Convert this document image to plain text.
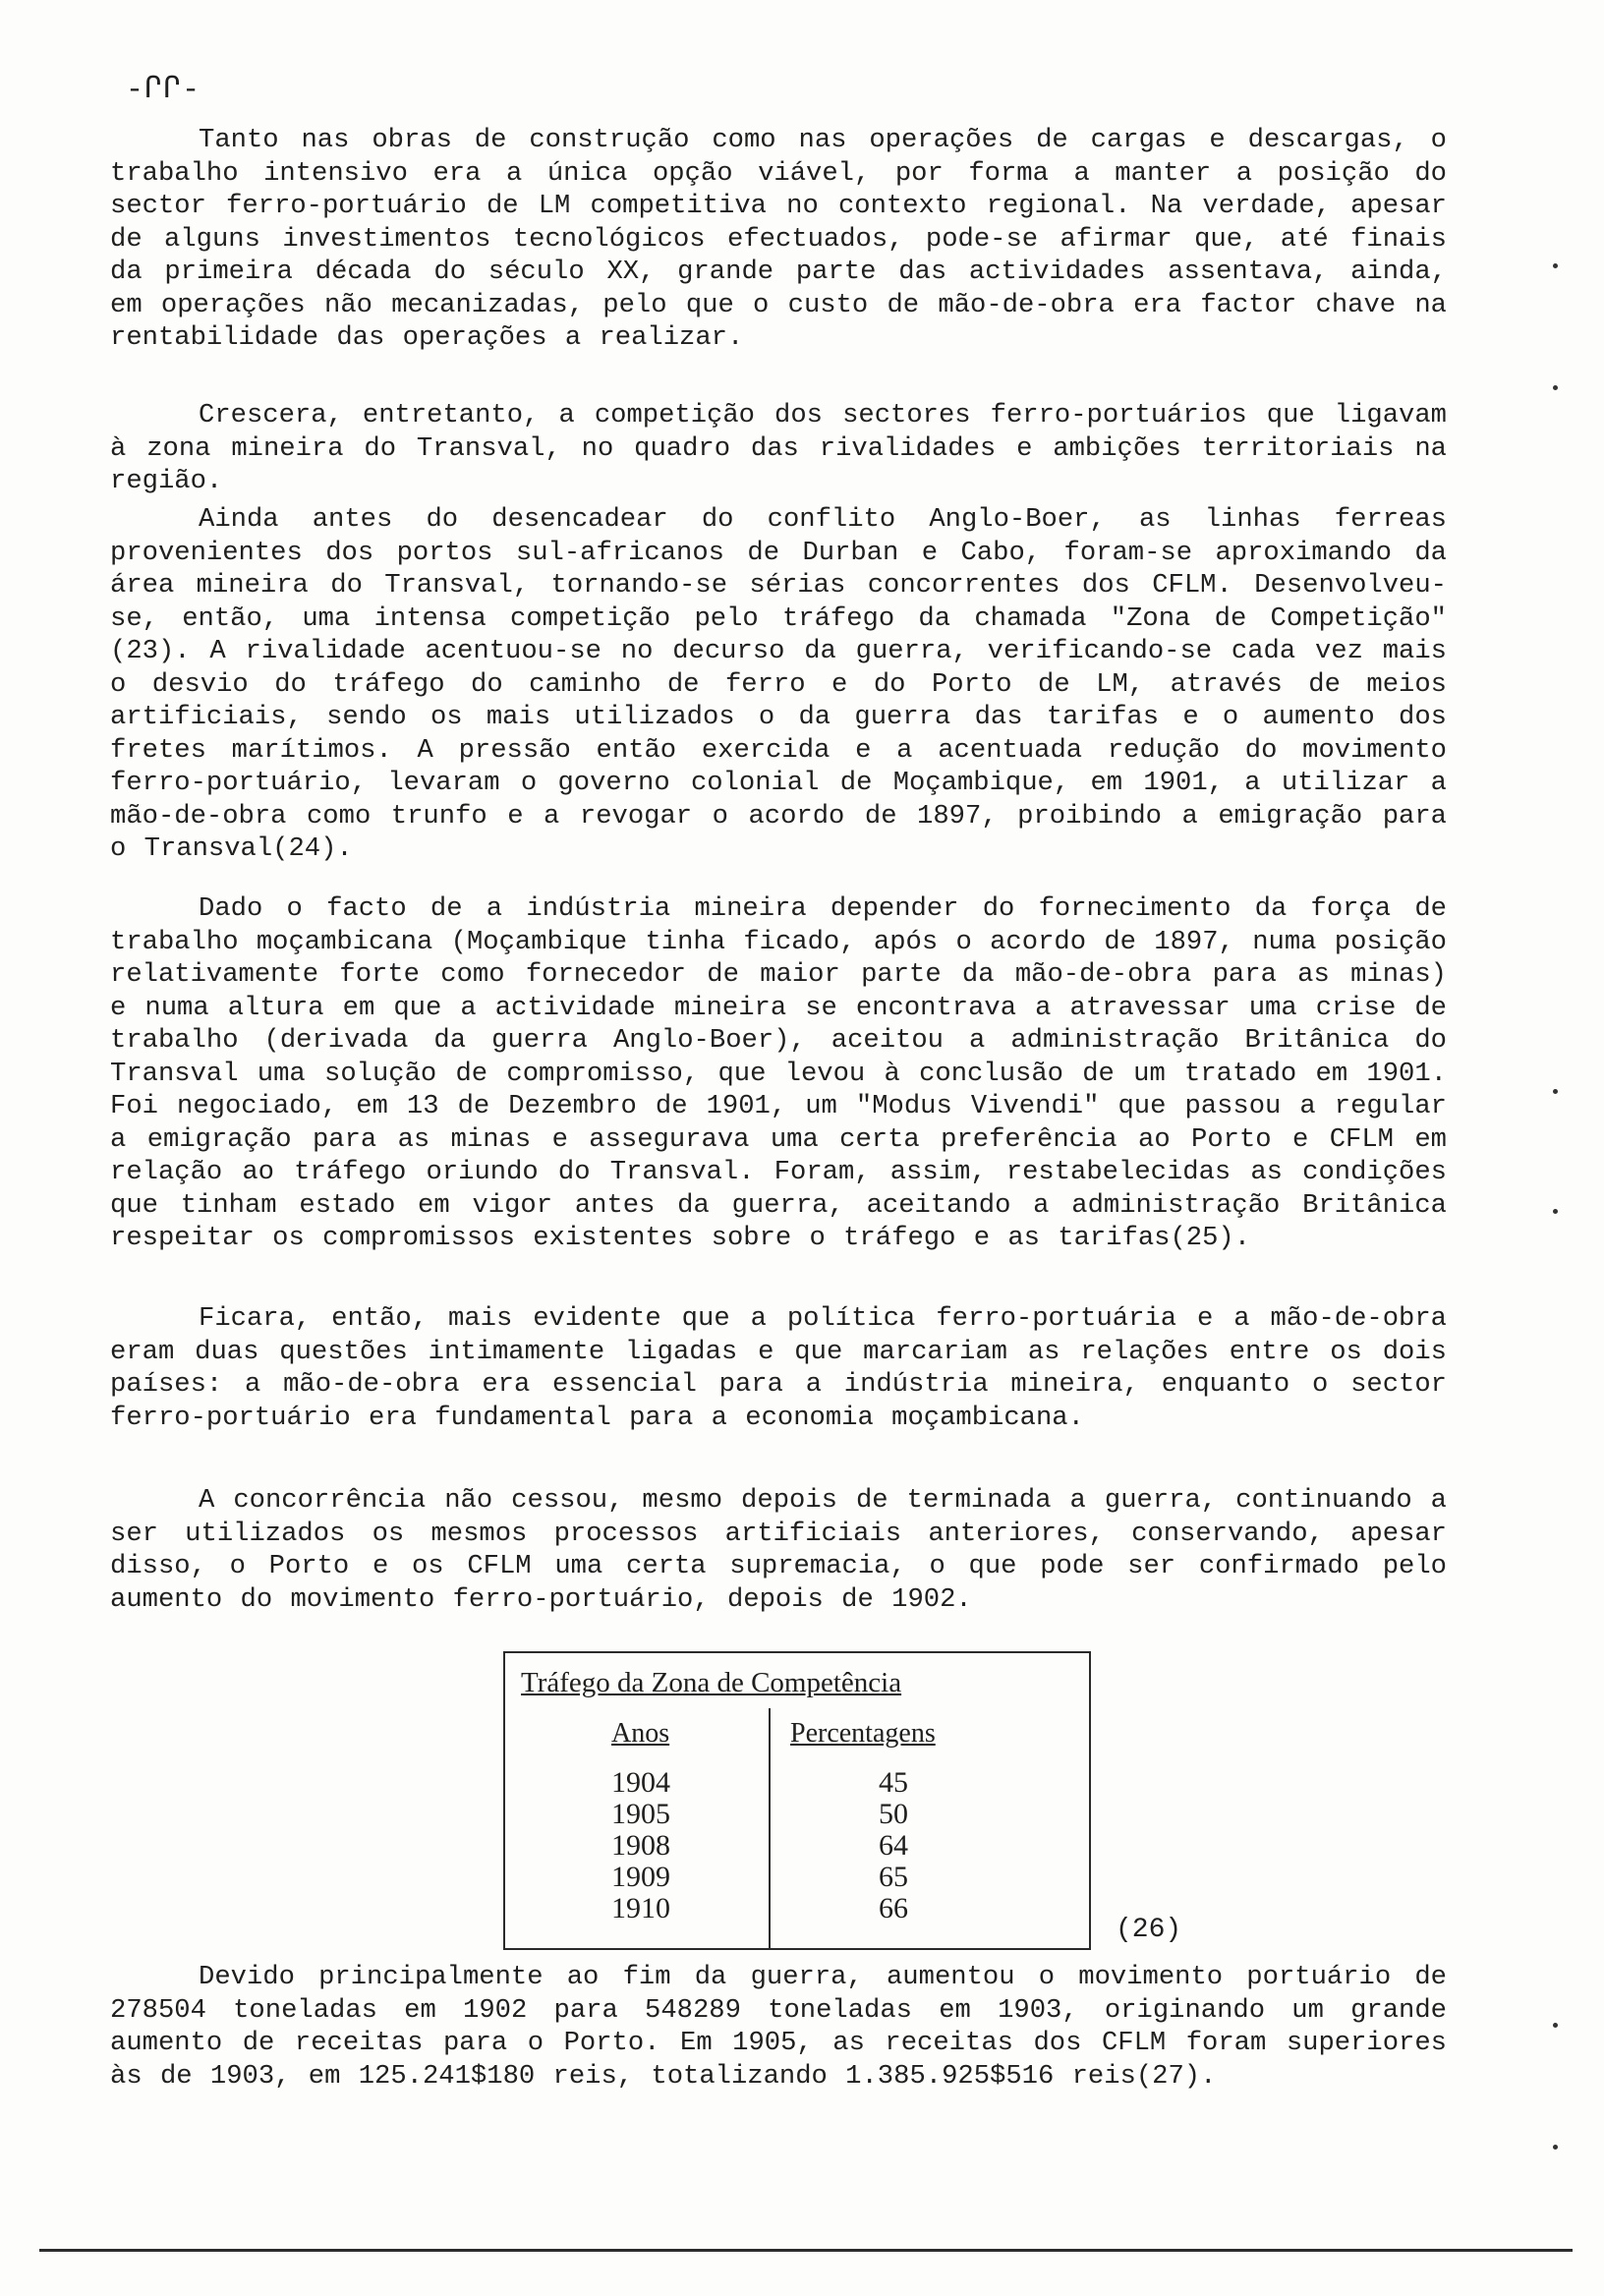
-ՐՐ-

Tanto nas obras de construção como nas operações de cargas e descargas, o trabalho intensivo era a única opção viável, por forma a manter a posição do sector ferro-portuário de LM competitiva no contexto regional. Na verdade, apesar de alguns investimentos tecnológicos efectuados, pode-se afirmar que, até finais da primeira década do século XX, grande parte das actividades assentava, ainda, em operações não mecanizadas, pelo que o custo de mão-de-obra era factor chave na rentabilidade das operações a realizar.

Crescera, entretanto, a competição dos sectores ferro-portuários que ligavam à zona mineira do Transval, no quadro das rivalidades e ambições territoriais na região.

Ainda antes do desencadear do conflito Anglo-Boer, as linhas ferreas provenientes dos portos sul-africanos de Durban e Cabo, foram-se aproximando da área mineira do Transval, tornando-se sérias concorrentes dos CFLM. Desenvolveu-se, então, uma intensa competição pelo tráfego da chamada "Zona de Competição"(23). A rivalidade acentuou-se no decurso da guerra, verificando-se cada vez mais o desvio do tráfego do caminho de ferro e do Porto de LM, através de meios artificiais, sendo os mais utilizados o da guerra das tarifas e o aumento dos fretes marítimos. A pressão então exercida e a acentuada redução do movimento ferro-portuário, levaram o governo colonial de Moçambique, em 1901, a utilizar a mão-de-obra como trunfo e a revogar o acordo de 1897, proibindo a emigração para o Transval(24).

Dado o facto de a indústria mineira depender do fornecimento da força de trabalho moçambicana (Moçambique tinha ficado, após o acordo de 1897, numa posição relativamente forte como fornecedor de maior parte da mão-de-obra para as minas) e numa altura em que a actividade mineira se encontrava a atravessar uma crise de trabalho (derivada da guerra Anglo-Boer), aceitou a administração Britânica do Transval uma solução de compromisso, que levou à conclusão de um tratado em 1901. Foi negociado, em 13 de Dezembro de 1901, um "Modus Vivendi" que passou a regular a emigração para as minas e assegurava uma certa preferência ao Porto e CFLM em relação ao tráfego oriundo do Transval. Foram, assim, restabelecidas as condições que tinham estado em vigor antes da guerra, aceitando a administração Britânica respeitar os compromissos existentes sobre o tráfego e as tarifas(25).

Ficara, então, mais evidente que a política ferro-portuária e a mão-de-obra eram duas questões intimamente ligadas e que marcariam as relações entre os dois países: a mão-de-obra era essencial para a indústria mineira, enquanto o sector ferro-portuário era fundamental para a economia moçambicana.

A concorrência não cessou, mesmo depois de terminada a guerra, continuando a ser utilizados os mesmos processos artificiais anteriores, conservando, apesar disso, o Porto e os CFLM uma certa supremacia, o que pode ser confirmado pelo aumento do movimento ferro-portuário, depois de 1902.

Tráfego da Zona de Competência
Anos	Percentagens
1904
1905
1908
1909
1910
45
50
64
65
66
(26)

Devido principalmente ao fim da guerra, aumentou o movimento portuário de 278504 toneladas em 1902 para 548289 toneladas em 1903, originando um grande aumento de receitas para o Porto. Em 1905, as receitas dos CFLM foram superiores às de 1903, em 125.241$180 reis, totalizando 1.385.925$516 reis(27).
